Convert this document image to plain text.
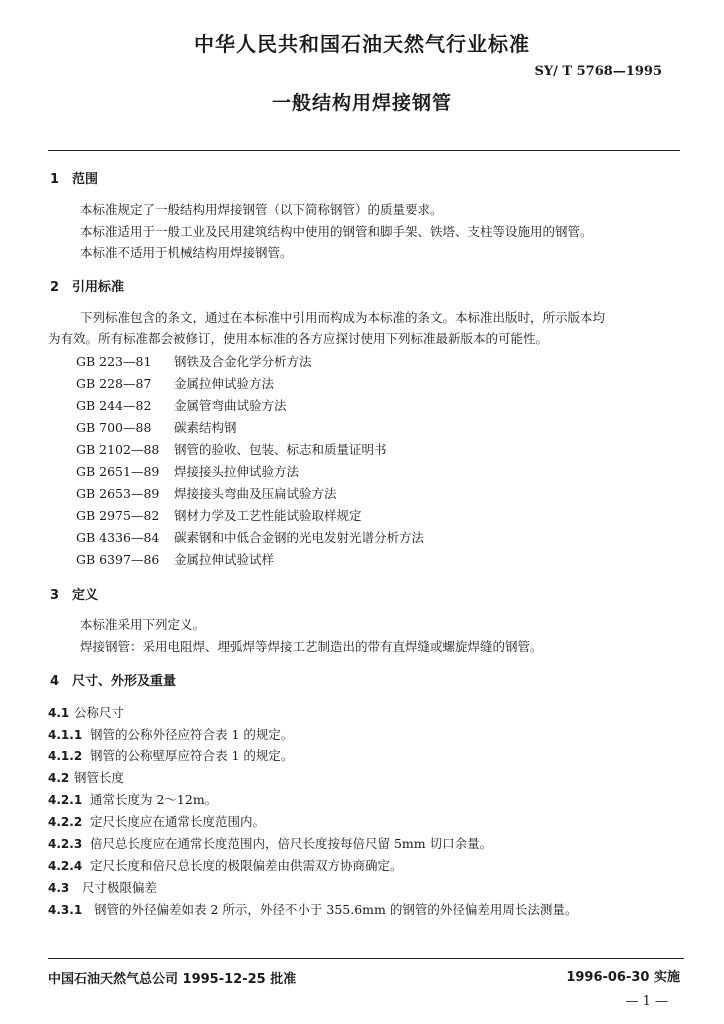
中华人民共和国石油天然气行业标准
SY/ T 5768—1995
一般结构用焊接钢管
1 范围
本标准规定了一般结构用焊接钢管（以下简称钢管）的质量要求。
本标准适用于一般工业及民用建筑结构中使用的钢管和脚手架、铁塔、支柱等设施用的钢管。
本标准不适用于机械结构用焊接钢管。
2 引用标准
下列标准包含的条文，通过在本标准中引用而构成为本标准的条文。本标准出版时，所示版本均
为有效。所有标准都会被修订，使用本标准的各方应探讨使用下列标准最新版本的可能性。
GB 223—81 钢铁及合金化学分析方法
GB 228—87 金属拉伸试验方法
GB 244—82 金属管弯曲试验方法
GB 700—88 碳素结构钢
GB 2102—88 钢管的验收、包装、标志和质量证明书
GB 2651—89 焊接接头拉伸试验方法
GB 2653—89 焊接接头弯曲及压扁试验方法
GB 2975—82 钢材力学及工艺性能试验取样规定
GB 4336—84 碳素钢和中低合金钢的光电发射光谱分析方法
GB 6397—86 金属拉伸试验试样
3 定义
本标准采用下列定义。
焊接钢管：采用电阻焊、埋弧焊等焊接工艺制造出的带有直焊缝或螺旋焊缝的钢管。
4 尺寸、外形及重量
4.1 公称尺寸
4.1.1 钢管的公称外径应符合表 1 的规定。
4.1.2 钢管的公称壁厚应符合表 1 的规定。
4.2 钢管长度
4.2.1 通常长度为 2～12m。
4.2.2 定尺长度应在通常长度范围内。
4.2.3 倍尺总长度应在通常长度范围内，倍尺长度按每倍尺留 5mm 切口余量。
4.2.4 定尺长度和倍尺总长度的极限偏差由供需双方协商确定。
4.3 尺寸极限偏差
4.3.1 钢管的外径偏差如表 2 所示，外径不小于 355.6mm 的钢管的外径偏差用周长法测量。
中国石油天然气总公司 1995-12-25 批准	1996-06-30 实施
— 1 —
